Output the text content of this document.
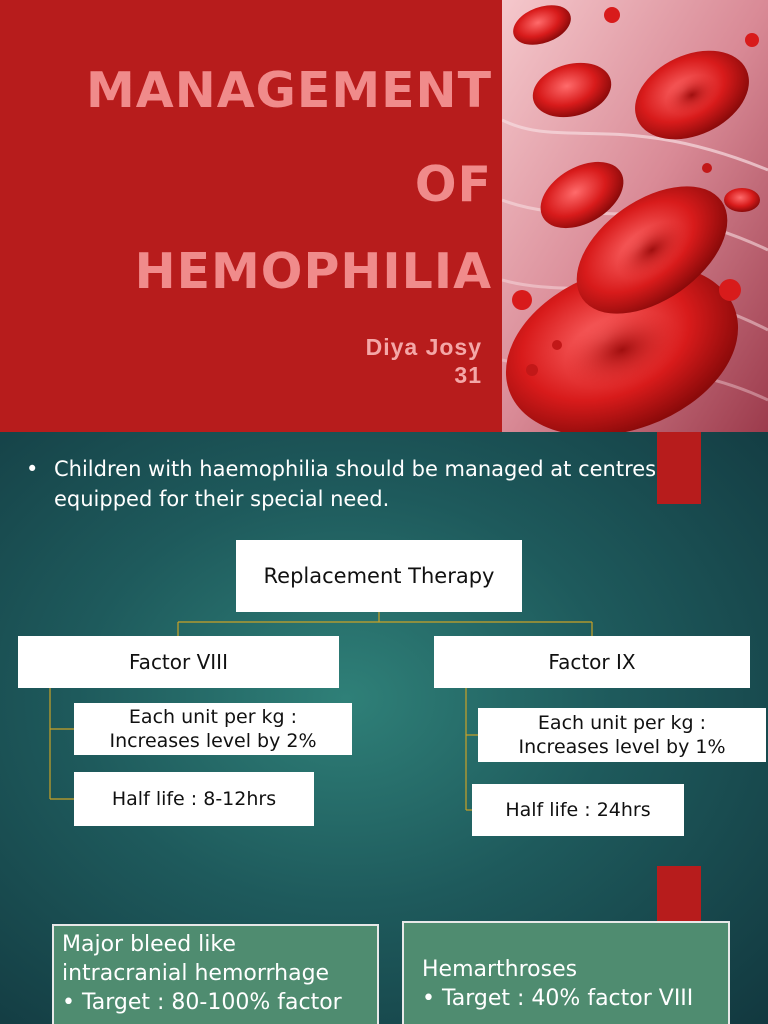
MANAGEMENT
OF
HEMOPHILIA
Diya Josy
31
• Children with haemophilia should be managed at centres equipped for their special need.
Replacement Therapy
Factor VIII	Factor IX
Each unit per kg :
Increases level by 2%
Half life : 8-12hrs
Each unit per kg :
Increases level by 1%
Half life : 24hrs
Major bleed like
intracranial hemorrhage
• Target : 80-100% factor
Hemarthroses
• Target : 40% factor VIII
